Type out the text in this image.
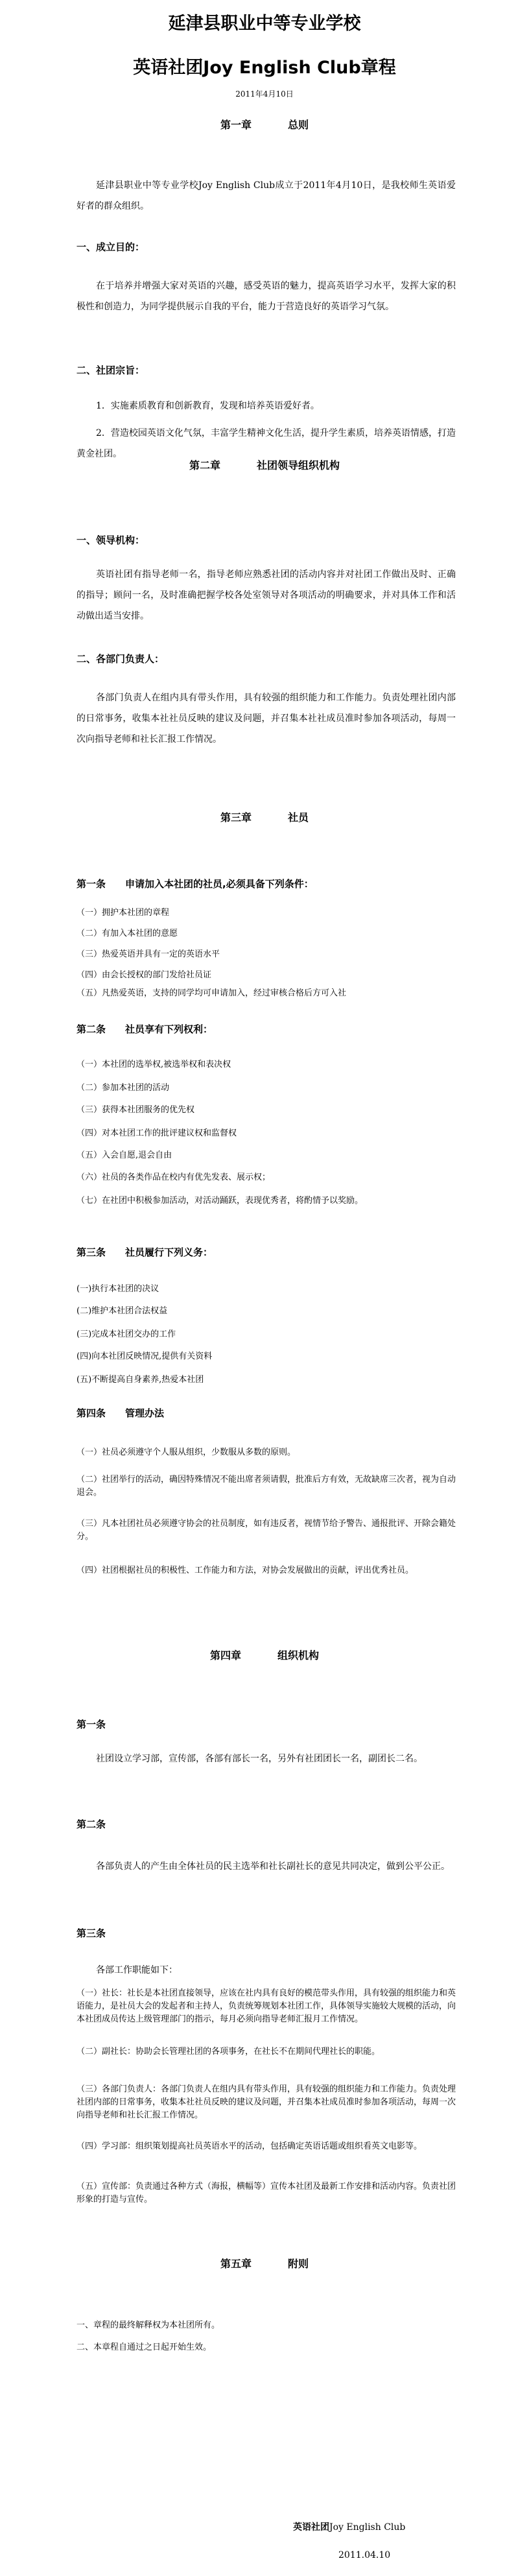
延津县职业中等专业学校
英语社团Joy English Club章程
2011年4月10日
第一章	总则
延津县职业中等专业学校Joy English Club成立于2011年4月10日，是我校师生英语爱好者的群众组织。
一、成立目的：
在于培养并增强大家对英语的兴趣，感受英语的魅力，提高英语学习水平，发挥大家的积极性和创造力，为同学提供展示自我的平台，能力于营造良好的英语学习气氛。
二、社团宗旨：
1．实施素质教育和创新教育，发现和培养英语爱好者。
2．营造校园英语文化气氛，丰富学生精神文化生活，提升学生素质，培养英语情感，打造黄金社团。
第二章	社团领导组织机构
一、领导机构：
英语社团有指导老师一名，指导老师应熟悉社团的活动内容并对社团工作做出及时、正确的指导；顾问一名，及时准确把握学校各处室领导对各项活动的明确要求，并对具体工作和活动做出适当安排。
二、各部门负责人：
各部门负责人在组内具有带头作用，具有较强的组织能力和工作能力。负责处理社团内部的日常事务，收集本社社员反映的建议及问题，并召集本社社成员准时参加各项活动，每周一次向指导老师和社长汇报工作情况。
第三章	社员
第一条　　申请加入本社团的社员,必须具备下列条件：
（一）拥护本社团的章程
（二）有加入本社团的意愿
（三）热爱英语并具有一定的英语水平
（四）由会长授权的部门发给社员证
（五）凡热爱英语，支持的同学均可申请加入，经过审核合格后方可入社
第二条　　社员享有下列权利：
（一）本社团的选举权,被选举权和表决权
（二）参加本社团的活动
（三）获得本社团服务的优先权
（四）对本社团工作的批评建议权和监督权
（五）入会自愿,退会自由
（六）社员的各类作品在校内有优先发表、展示权；
（七）在社团中积极参加活动，对活动踊跃，表现优秀者，将酌情予以奖励。
第三条　　社员履行下列义务：
(一)执行本社团的决议
(二)维护本社团合法权益
(三)完成本社团交办的工作
(四)向本社团反映情况,提供有关资料
(五)不断提高自身素养,热爱本社团
第四条　　管理办法
（一）社员必须遵守个人服从组织，少数服从多数的原则。
（二）社团举行的活动，确因特殊情况不能出席者须请假，批准后方有效，无故缺席三次者，视为自动退会。
（三）凡本社团社员必须遵守协会的社员制度，如有违反者，视情节给予警告、通报批评、开除会籍处分。
（四）社团根据社员的积极性、工作能力和方法，对协会发展做出的贡献，评出优秀社员。
第四章	组织机构
第一条
社团设立学习部，宣传部，各部有部长一名，另外有社团团长一名，副团长二名。
第二条
各部负责人的产生由全体社员的民主选举和社长副社长的意见共同决定，做到公平公正。
第三条
各部工作职能如下：
（一）社长：社长是本社团直接领导，应该在社内具有良好的模范带头作用，具有较强的组织能力和英语能力，是社员大会的发起者和主持人，负责统筹规划本社团工作，具体领导实施较大规模的活动，向本社团成员传达上级管理部门的指示，每月必须向指导老师汇报月工作情况。
（二）副社长：协助会长管理社团的各项事务，在社长不在期间代理社长的职能。
（三）各部门负责人：各部门负责人在组内具有带头作用，具有较强的组织能力和工作能力。负责处理社团内部的日常事务，收集本社社员反映的建议及问题，并召集本社成员准时参加各项活动，每周一次向指导老师和社长汇报工作情况。
（四）学习部：组织策划提高社员英语水平的活动，包括确定英语话题或组织看英文电影等。
（五）宣传部：负责通过各种方式（海报，横幅等）宣传本社团及最新工作安排和活动内容。负责社团形象的打造与宣传。
第五章	附则
一、章程的最终解释权为本社团所有。
二、本章程自通过之日起开始生效。
英语社团Joy English Club
2011.04.10
